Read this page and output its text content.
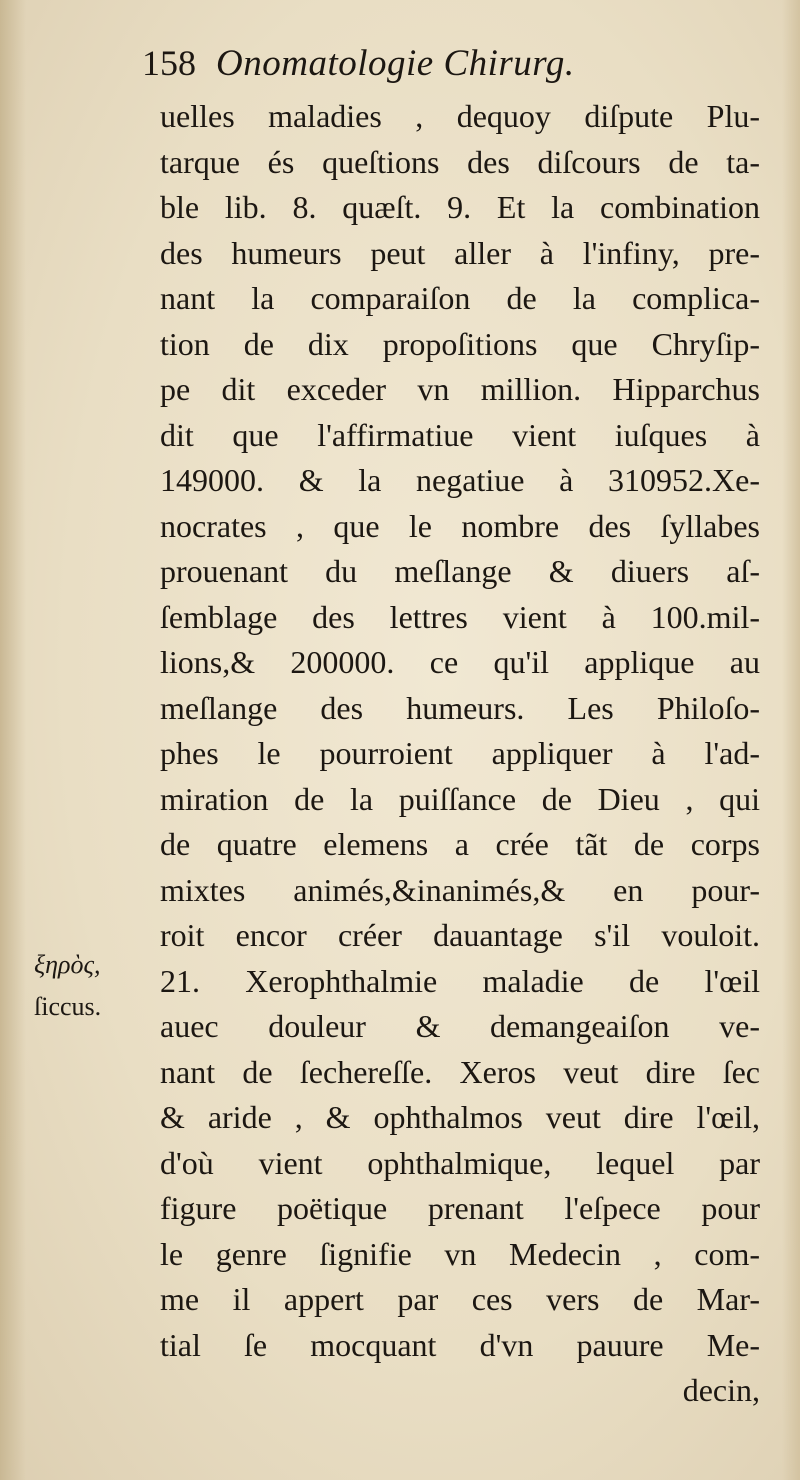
158 Onomatologie Chirurg.
ξηρὸς,
ſiccus.
uelles maladies , dequoy diſpute Plu-
tarque és queſtions des diſcours de ta-
ble lib. 8. quæſt. 9. Et la combination
des humeurs peut aller à l'infiny, pre-
nant la comparaiſon de la complica-
tion de dix propoſitions que Chryſip-
pe dit exceder vn million. Hipparchus
dit que l'affirmatiue vient iuſques à
149000. & la negatiue à 310952.Xe-
nocrates , que le nombre des ſyllabes
prouenant du meſlange & diuers aſ-
ſemblage des lettres vient à 100.mil-
lions,& 200000. ce qu'il applique au
meſlange des humeurs. Les Philoſo-
phes le pourroient appliquer à l'ad-
miration de la puiſſance de Dieu , qui
de quatre elemens a crée tãt de corps
mixtes animés,&inanimés,& en pour-
roit encor créer dauantage s'il vouloit.
21. Xerophthalmie maladie de l'œil
auec douleur & demangeaiſon ve-
nant de ſechereſſe. Xeros veut dire ſec
& aride , & ophthalmos veut dire l'œil,
d'où vient ophthalmique, lequel par
figure poëtique prenant l'eſpece pour
le genre ſignifie vn Medecin , com-
me il appert par ces vers de Mar-
tial ſe mocquant d'vn pauure Me-
decin,
